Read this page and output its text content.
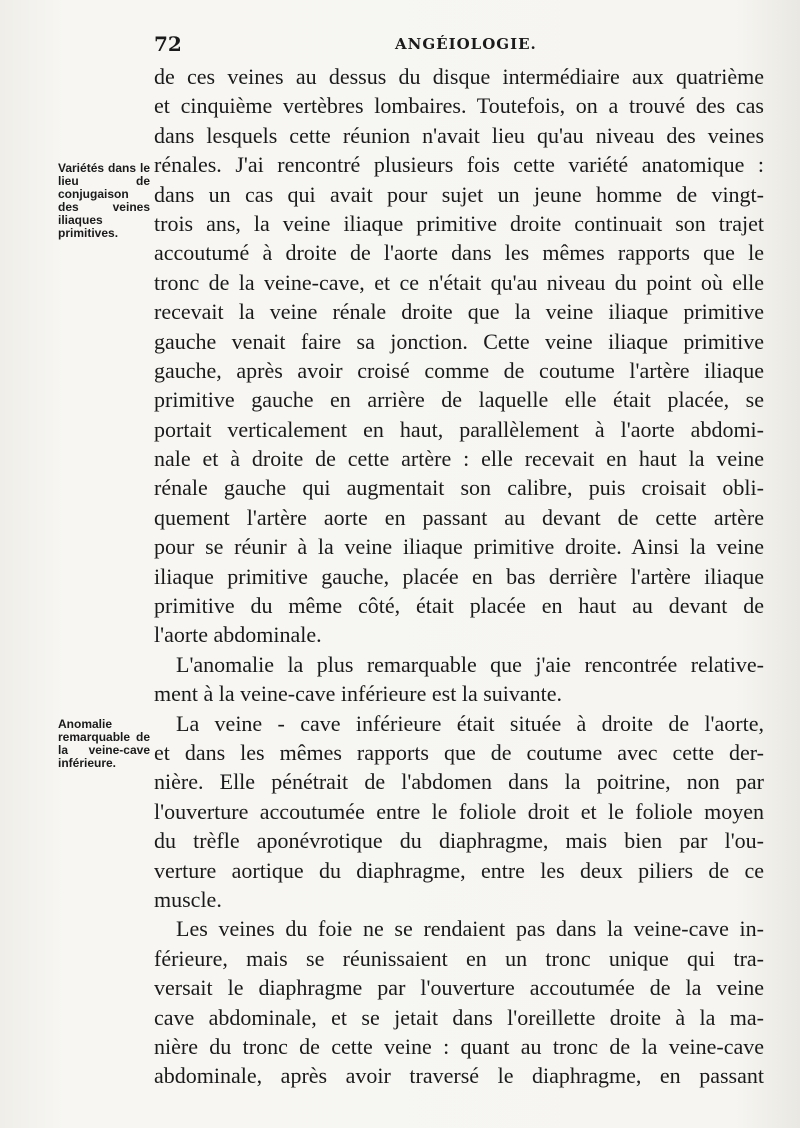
72	ANGÉIOLOGIE.
Variétés dans le lieu de conjugaison des veines iliaques primitives.
Anomalie remarquable de la veine-cave inférieure.
de ces veines au dessus du disque intermédiaire aux quatrième
et cinquième vertèbres lombaires. Toutefois, on a trouvé des cas
dans lesquels cette réunion n'avait lieu qu'au niveau des veines
rénales. J'ai rencontré plusieurs fois cette variété anatomique :
dans un cas qui avait pour sujet un jeune homme de vingt-
trois ans, la veine iliaque primitive droite continuait son trajet
accoutumé à droite de l'aorte dans les mêmes rapports que le
tronc de la veine-cave, et ce n'était qu'au niveau du point où elle
recevait la veine rénale droite que la veine iliaque primitive
gauche venait faire sa jonction. Cette veine iliaque primitive
gauche, après avoir croisé comme de coutume l'artère iliaque
primitive gauche en arrière de laquelle elle était placée, se
portait verticalement en haut, parallèlement à l'aorte abdomi-
nale et à droite de cette artère : elle recevait en haut la veine
rénale gauche qui augmentait son calibre, puis croisait obli-
quement l'artère aorte en passant au devant de cette artère
pour se réunir à la veine iliaque primitive droite. Ainsi la veine
iliaque primitive gauche, placée en bas derrière l'artère iliaque
primitive du même côté, était placée en haut au devant de
l'aorte abdominale.
L'anomalie la plus remarquable que j'aie rencontrée relative-
ment à la veine-cave inférieure est la suivante.
La veine - cave inférieure était située à droite de l'aorte,
et dans les mêmes rapports que de coutume avec cette der-
nière. Elle pénétrait de l'abdomen dans la poitrine, non par
l'ouverture accoutumée entre le foliole droit et le foliole moyen
du trèfle aponévrotique du diaphragme, mais bien par l'ou-
verture aortique du diaphragme, entre les deux piliers de ce
muscle.
Les veines du foie ne se rendaient pas dans la veine-cave in-
férieure, mais se réunissaient en un tronc unique qui tra-
versait le diaphragme par l'ouverture accoutumée de la veine
cave abdominale, et se jetait dans l'oreillette droite à la ma-
nière du tronc de cette veine : quant au tronc de la veine-cave
abdominale, après avoir traversé le diaphragme, en passant
